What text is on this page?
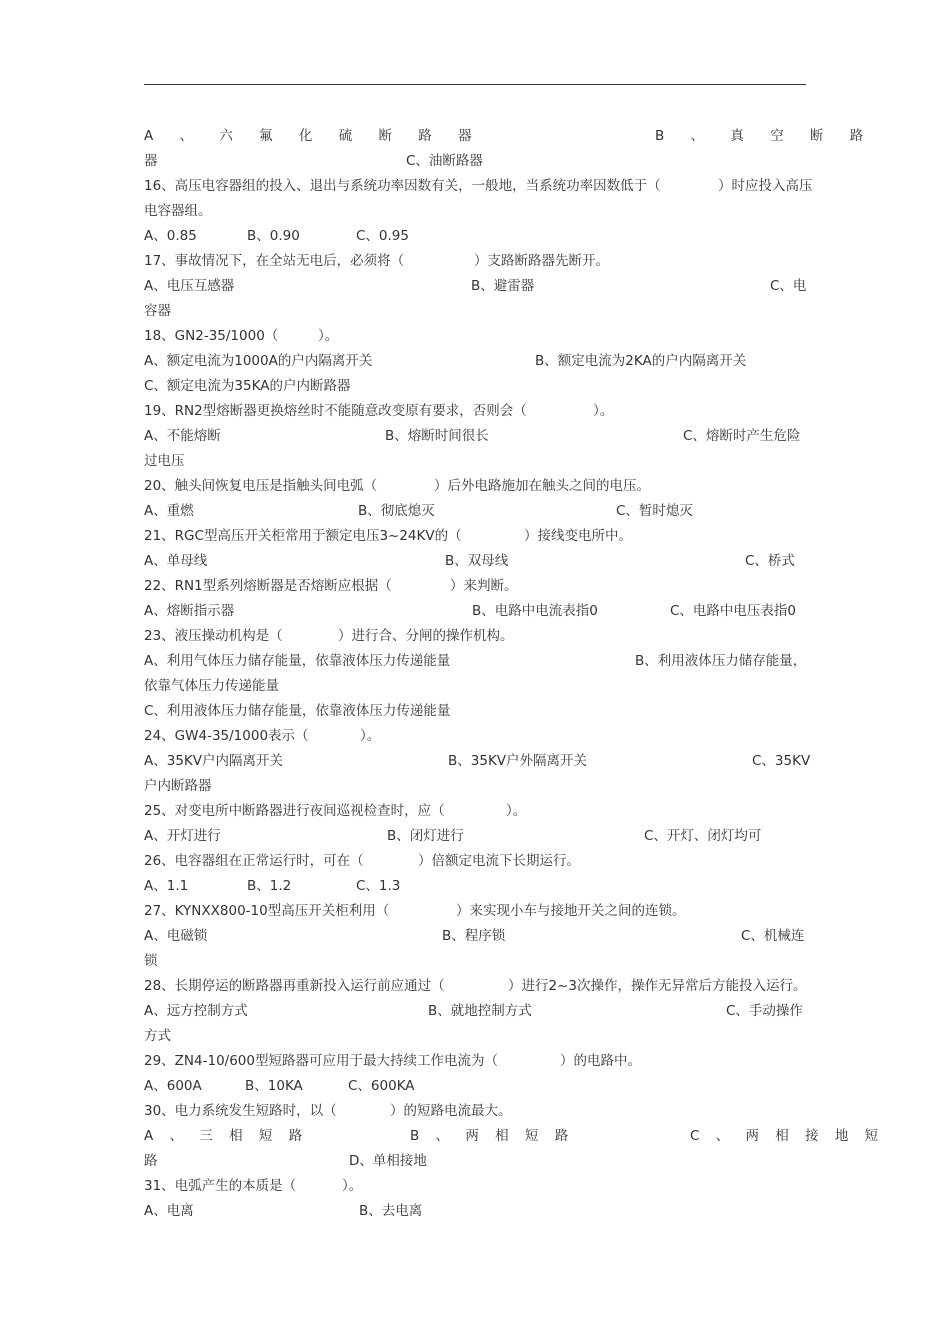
A 、 六 氟 化 硫 断 路 器	B 、 真 空 断 路
器	C、油断路器
16、高压电容器组的投入、退出与系统功率因数有关，一般地，当系统功率因数低于（	）时应投入高压
电容器组。
A、0.85	B、0.90	C、0.95
17、事故情况下，在全站无电后，必须将（	）支路断路器先断开。
A、电压互感器	B、避雷器	C、电
容器
18、GN2-35/1000（	）。
A、额定电流为1000A的户内隔离开关	B、额定电流为2KA的户内隔离开关
C、额定电流为35KA的户内断路器
19、RN2型熔断器更换熔丝时不能随意改变原有要求，否则会（	）。
A、不能熔断	B、熔断时间很长	C、熔断时产生危险
过电压
20、触头间恢复电压是指触头间电弧（	）后外电路施加在触头之间的电压。
A、重燃	B、彻底熄灭	C、暂时熄灭
21、RGC型高压开关柜常用于额定电压3~24KV的（	）接线变电所中。
A、单母线	B、双母线	C、桥式
22、RN1型系列熔断器是否熔断应根据（	）来判断。
A、熔断指示器	B、电路中电流表指0	C、电路中电压表指0
23、液压操动机构是（	）进行合、分闸的操作机构。
A、利用气体压力储存能量，依靠液体压力传递能量	B、利用液体压力储存能量，
依靠气体压力传递能量
C、利用液体压力储存能量，依靠液体压力传递能量
24、GW4-35/1000表示（	）。
A、35KV户内隔离开关	B、35KV户外隔离开关	C、35KV
户内断路器
25、对变电所中断路器进行夜间巡视检查时，应（	）。
A、开灯进行	B、闭灯进行	C、开灯、闭灯均可
26、电容器组在正常运行时，可在（	）倍额定电流下长期运行。
A、1.1	B、1.2	C、1.3
27、KYNXX800-10型高压开关柜利用（	）来实现小车与接地开关之间的连锁。
A、电磁锁	B、程序锁	C、机械连
锁
28、长期停运的断路器再重新投入运行前应通过（	）进行2~3次操作，操作无异常后方能投入运行。
A、远方控制方式	B、就地控制方式	C、手动操作
方式
29、ZN4-10/600型短路器可应用于最大持续工作电流为（	）的电路中。
A、600A	B、10KA	C、600KA
30、电力系统发生短路时，以（	）的短路电流最大。
A 、 三 相 短 路	B 、 两 相 短 路	C 、 两 相 接 地 短
路	D、单相接地
31、电弧产生的本质是（	）。
A、电离	B、去电离
